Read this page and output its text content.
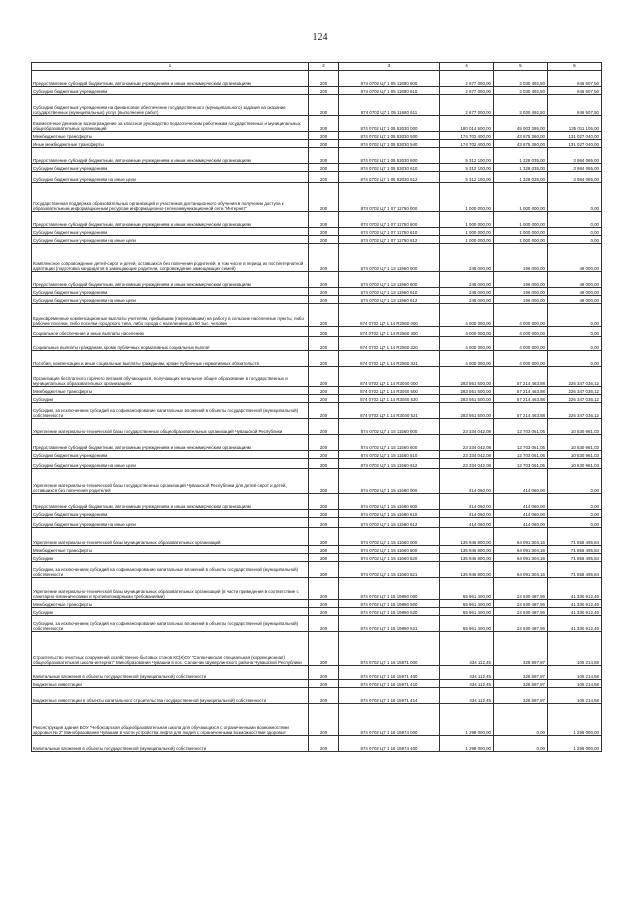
124
1	2	3	4	5	6
Предоставление субсидий бюджетным, автономным учреждениям и иным некоммерческим организациям	200	874 0702 Ц7 1 05 11680 600	2 677 000,00	2 030 492,50	646 507,50
Субсидии бюджетным учреждениям	200	874 0702 Ц7 1 05 11680 610	2 677 000,00	2 030 492,50	646 507,50
Субсидии бюджетным учреждениям на финансовое обеспечение государственного (муниципального) задания на оказание государственных (муниципальных) услуг (выполнение работ)	200	874 0702 Ц7 1 05 11680 611	2 677 000,00	2 030 492,50	646 507,50
Ежемесячное денежное вознаграждение за классное руководство педагогическим работникам государственных и муниципальных общеобразовательных организаций	200	874 0702 Ц7 1 05 53030 000	180 014 500,00	45 003 395,00	135 011 105,00
Межбюджетные трансферты	200	874 0702 Ц7 1 05 53030 500	174 702 400,00	43 675 360,00	131 027 040,00
Иные межбюджетные трансферты	200	874 0702 Ц7 1 05 53030 540	174 702 400,00	43 675 360,00	131 027 040,00
Предоставление субсидий бюджетным, автономным учреждениям и иным некоммерческим организациям	200	874 0702 Ц7 1 05 53030 600	5 312 100,00	1 328 035,00	3 984 065,00
Субсидии бюджетным учреждениям	200	874 0702 Ц7 1 05 53030 610	5 312 100,00	1 328 035,00	3 984 065,00
Субсидии бюджетным учреждениям на иные цели	200	874 0702 Ц7 1 05 53030 612	5 312 100,00	1 328 035,00	3 984 065,00
Государственная поддержка образовательных организаций и участников дистанционного обучения в получении доступа к образовательным информационным ресурсам информационно-телекоммуникационной сети "Интернет"	200	874 0702 Ц7 1 07 11750 000	1 000 000,00	1 000 000,00	0,00
Предоставление субсидий бюджетным, автономным учреждениям и иным некоммерческим организациям	200	874 0702 Ц7 1 07 11750 600	1 000 000,00	1 000 000,00	0,00
Субсидии бюджетным учреждениям	200	874 0702 Ц7 1 07 11750 610	1 000 000,00	1 000 000,00	0,00
Субсидии бюджетным учреждениям на иные цели	200	874 0702 Ц7 1 07 11750 612	1 000 000,00	1 000 000,00	0,00
Комплексное сопровождение детей-сирот и детей, оставшихся без попечения родителей, в том числе в период их постинтернатной адаптации (подготовка кандидатов в замещающие родители, сопровождение замещающих семей)	200	874 0702 Ц7 1 13 11950 000	245 000,00	196 000,00	49 000,00
Предоставление субсидий бюджетным, автономным учреждениям и иным некоммерческим организациям	200	874 0702 Ц7 1 13 11950 600	245 000,00	196 000,00	49 000,00
Субсидии бюджетным учреждениям	200	874 0702 Ц7 1 13 11950 610	245 000,00	196 000,00	49 000,00
Субсидии бюджетным учреждениям на иные цели	200	874 0702 Ц7 1 13 11950 612	245 000,00	196 000,00	49 000,00
Единовременные компенсационные выплаты учителям, прибывшим (переехавшим) на работу в сельские населенные пункты, либо рабочие поселки, либо поселки городского типа, либо города с населением до 50 тыс. человек	200	874 0702 Ц7 1 14 R2560 000	4 000 000,00	4 000 000,00	0,00
Социальное обеспечение и иные выплаты населению	200	874 0702 Ц7 1 14 R2560 300	4 000 000,00	4 000 000,00	0,00
Социальные выплаты гражданам, кроме публичных нормативных социальных выплат	200	874 0702 Ц7 1 14 R2560 320	4 000 000,00	4 000 000,00	0,00
Пособия, компенсации и иные социальные выплаты гражданам, кроме публичных нормативных обязательств	200	874 0702 Ц7 1 14 R2560 321	4 000 000,00	4 000 000,00	0,00
Организация бесплатного горячего питания обучающихся, получающих начальное общее образование в государственных и муниципальных образовательных организациях	200	874 0702 Ц7 1 14 R3040 000	283 561 500,00	57 214 463,88	226 347 036,12
Межбюджетные трансферты	200	874 0702 Ц7 1 14 R3040 500	283 561 500,00	57 214 463,88	226 347 036,12
Субсидии	200	874 0702 Ц7 1 14 R3040 520	283 561 500,00	57 214 463,88	226 347 036,12
Субсидии, за исключением субсидий на софинансирование капитальных вложений в объекты государственной (муниципальной) собственности	200	874 0702 Ц7 1 14 R3040 521	283 561 500,00	57 214 463,88	226 347 036,12
Укрепление материально-технической базы государственных общеобразовательных организаций Чувашской Республики	200	874 0702 Ц7 1 15 11560 000	23 334 042,08	12 703 061,05	10 630 981,03
Предоставление субсидий бюджетным, автономным учреждениям и иным некоммерческим организациям	200	874 0702 Ц7 1 15 11560 600	23 334 042,08	12 703 061,05	10 630 981,03
Субсидии бюджетным учреждениям	200	874 0702 Ц7 1 15 11560 610	23 334 042,08	12 703 061,05	10 630 981,03
Субсидии бюджетным учреждениям на иные цели	200	874 0702 Ц7 1 15 11560 612	23 334 042,08	12 703 061,05	10 630 981,03
Укрепление материально-технической базы государственных организаций Чувашской Республики для детей-сирот и детей, оставшихся без попечения родителей	200	874 0702 Ц7 1 15 11590 000	414 060,00	414 060,00	0,00
Предоставление субсидий бюджетным, автономным учреждениям и иным некоммерческим организациям	200	874 0702 Ц7 1 15 11590 600	414 060,00	414 060,00	0,00
Субсидии бюджетным учреждениям	200	874 0702 Ц7 1 15 11590 610	414 060,00	414 060,00	0,00
Субсидии бюджетным учреждениям на иные цели	200	874 0702 Ц7 1 15 11590 612	414 060,00	414 060,00	0,00
Укрепление материально-технической базы муниципальных образовательных организаций	200	874 0702 Ц7 1 15 11660 000	135 946 800,00	64 091 304,16	71 855 495,84
Межбюджетные трансферты	200	874 0702 Ц7 1 15 11660 500	135 946 800,00	64 091 304,16	71 855 495,84
Субсидии	200	874 0702 Ц7 1 15 11660 520	135 946 800,00	64 091 304,16	71 855 495,84
Субсидии, за исключением субсидий на софинансирование капитальных вложений в объекты государственной (муниципальной) собственности	200	874 0702 Ц7 1 15 11660 521	135 946 800,00	64 091 304,16	71 855 495,84
Укрепление материально-технической базы муниципальных образовательных организаций (в части приведения в соответствие с санитарно-гигиеническими и противопожарными требованиями)	200	874 0702 Ц7 1 15 19990 000	65 961 400,00	24 630 487,55	41 330 912,45
Межбюджетные трансферты	200	874 0702 Ц7 1 15 19990 500	65 961 400,00	24 630 487,55	41 330 912,45
Субсидии	200	874 0702 Ц7 1 15 19990 520	65 961 400,00	24 630 487,55	41 330 912,45
Субсидии, за исключением субсидий на софинансирование капитальных вложений в объекты государственной (муниципальной) собственности	200	874 0702 Ц7 1 15 19990 521	65 961 400,00	24 630 487,55	41 330 912,45
Строительство очистных сооружений хозяйственно-бытовых стоков КС(К)ОУ "Саланчикская специальная (коррекционная) общеобразовательная школа-интернат" Минобразования Чувашии в пос. Саланчик Шумерлинского района Чувашской Республики	200	874 0702 Ц7 1 16 15971 000	434 112,45	328 897,87	105 214,58
Капитальные вложения в объекты государственной (муниципальной) собственности	200	874 0702 Ц7 1 16 15971 400	434 112,45	328 897,87	105 214,58
Бюджетные инвестиции	200	874 0702 Ц7 1 16 15971 410	434 112,45	328 897,87	105 214,58
Бюджетные инвестиции в объекты капитального строительства государственной (муниципальной) собственности	200	874 0702 Ц7 1 16 15971 414	434 112,45	328 897,87	105 214,58
Реконструкция здания БОУ "Чебоксарская общеобразовательная школа для обучающихся с ограниченными возможностями здоровья № 2" Минобразования Чувашии в части устройства лифта для людей с ограниченными возможностями здоровья	200	874 0702 Ц7 1 16 15974 000	1 298 000,00	0,00	1 298 000,00
Капитальные вложения в объекты государственной (муниципальной) собственности	200	874 0702 Ц7 1 16 15974 400	1 298 000,00	0,00	1 298 000,00
